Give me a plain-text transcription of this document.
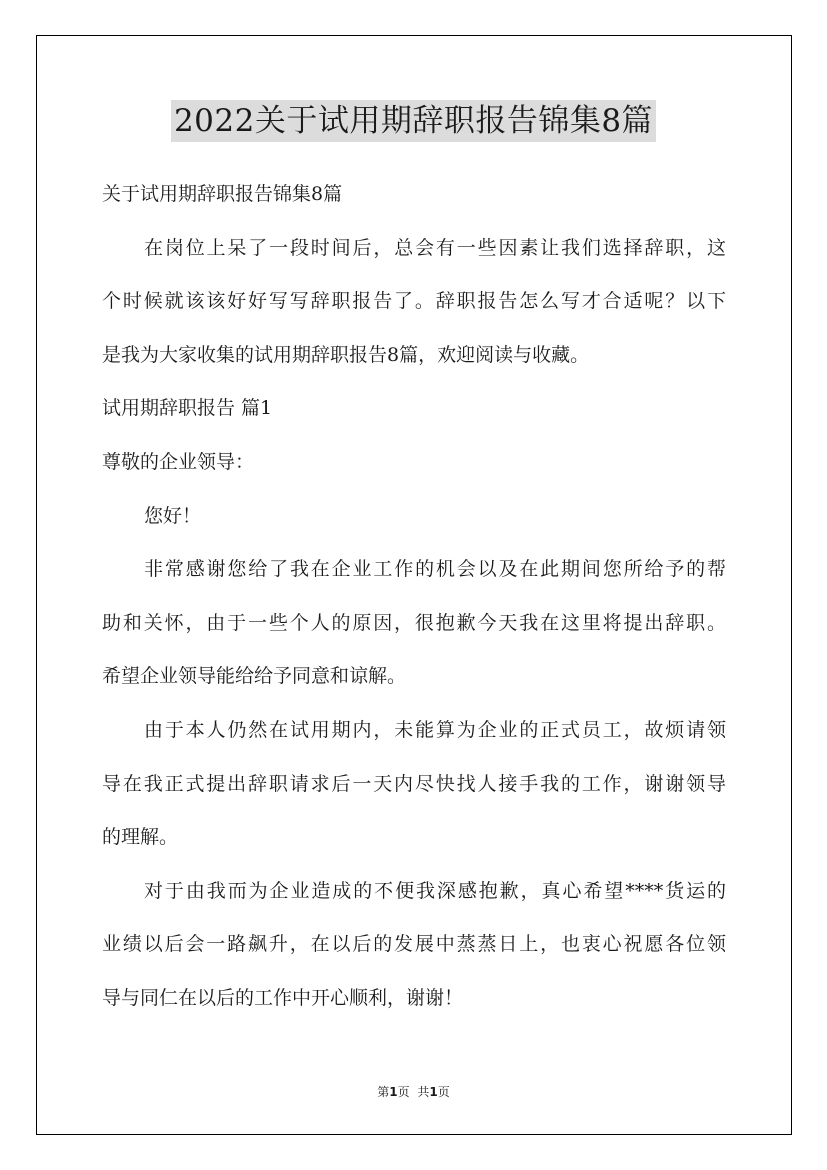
2022关于试用期辞职报告锦集8篇
关于试用期辞职报告锦集8篇
在岗位上呆了一段时间后，总会有一些因素让我们选择辞职，这
个时候就该该好好写写辞职报告了。辞职报告怎么写才合适呢？以下
是我为大家收集的试用期辞职报告8篇，欢迎阅读与收藏。
试用期辞职报告 篇1
尊敬的企业领导：
您好！
非常感谢您给了我在企业工作的机会以及在此期间您所给予的帮
助和关怀，由于一些个人的原因，很抱歉今天我在这里将提出辞职。
希望企业领导能给给予同意和谅解。
由于本人仍然在试用期内，未能算为企业的正式员工，故烦请领
导在我正式提出辞职请求后一天内尽快找人接手我的工作，谢谢领导
的理解。
对于由我而为企业造成的不便我深感抱歉，真心希望****货运的
业绩以后会一路飙升，在以后的发展中蒸蒸日上，也衷心祝愿各位领
导与同仁在以后的工作中开心顺利，谢谢！
第1页 共1页
